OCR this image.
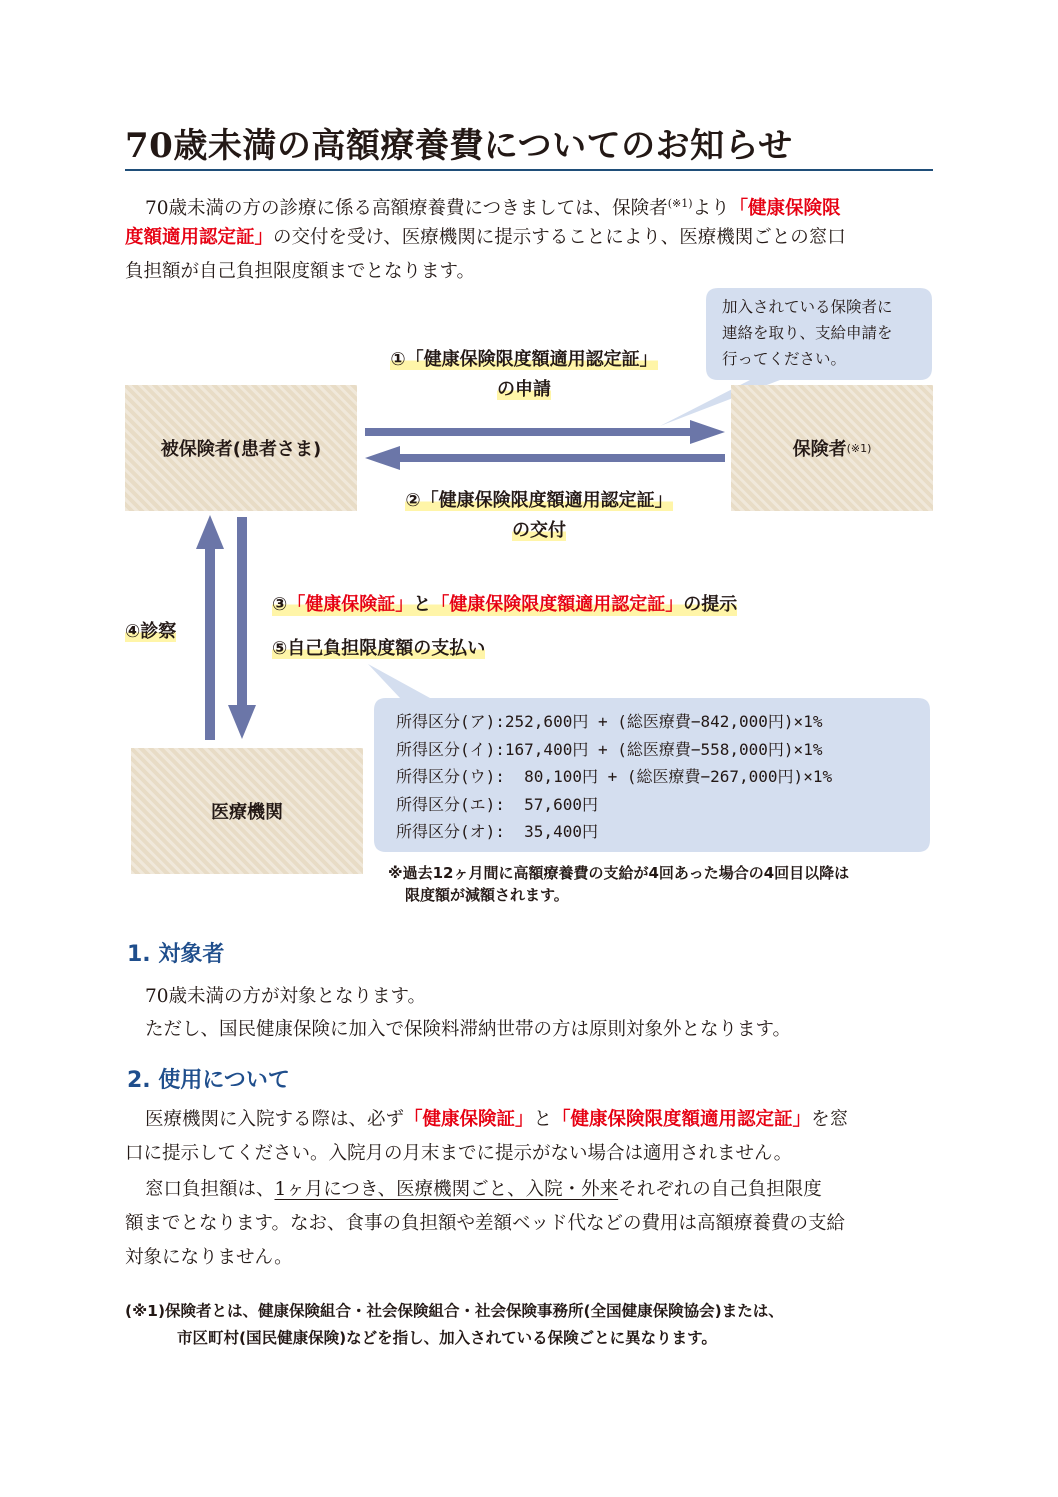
70歳未満の高額療養費についてのお知らせ
70歳未満の方の診療に係る高額療養費につきましては、保険者$^{(※1)}$より「健康保険限
度額適用認定証」の交付を受け、医療機関に提示することにより、医療機関ごとの窓口
負担額が自己負担限度額までとなります。
加入されている保険者に
連絡を取り、支給申請を
行ってください。
①「健康保険限度額適用認定証」
の申請
被保険者(患者さま)	保険者 (※1)
②「健康保険限度額適用認定証」
の交付
③「健康保険証」と「健康保険限度額適用認定証」の提示
④診察
⑤自己負担限度額の支払い
所得区分(ア):252,600円 + (総医療費−842,000円)×1%
所得区分(イ):167,400円 + (総医療費−558,000円)×1%
所得区分(ウ):  80,100円 + (総医療費−267,000円)×1%
所得区分(エ):  57,600円
所得区分(オ):  35,400円
医療機関
※過去12ヶ月間に高額療養費の支給が4回あった場合の4回目以降は
限度額が減額されます。
1. 対象者
70歳未満の方が対象となります。
ただし、国民健康保険に加入で保険料滞納世帯の方は原則対象外となります。
2. 使用について
医療機関に入院する際は、必ず「健康保険証」と「健康保険限度額適用認定証」を窓
口に提示してください。入院月の月末までに提示がない場合は適用されません。
窓口負担額は、1ヶ月につき、医療機関ごと、入院・外来それぞれの自己負担限度
額までとなります。なお、食事の負担額や差額ベッド代などの費用は高額療養費の支給
対象になりません。
(※1)保険者とは、健康保険組合・社会保険組合・社会保険事務所(全国健康保険協会)または、
市区町村(国民健康保険)などを指し、加入されている保険ごとに異なります。
